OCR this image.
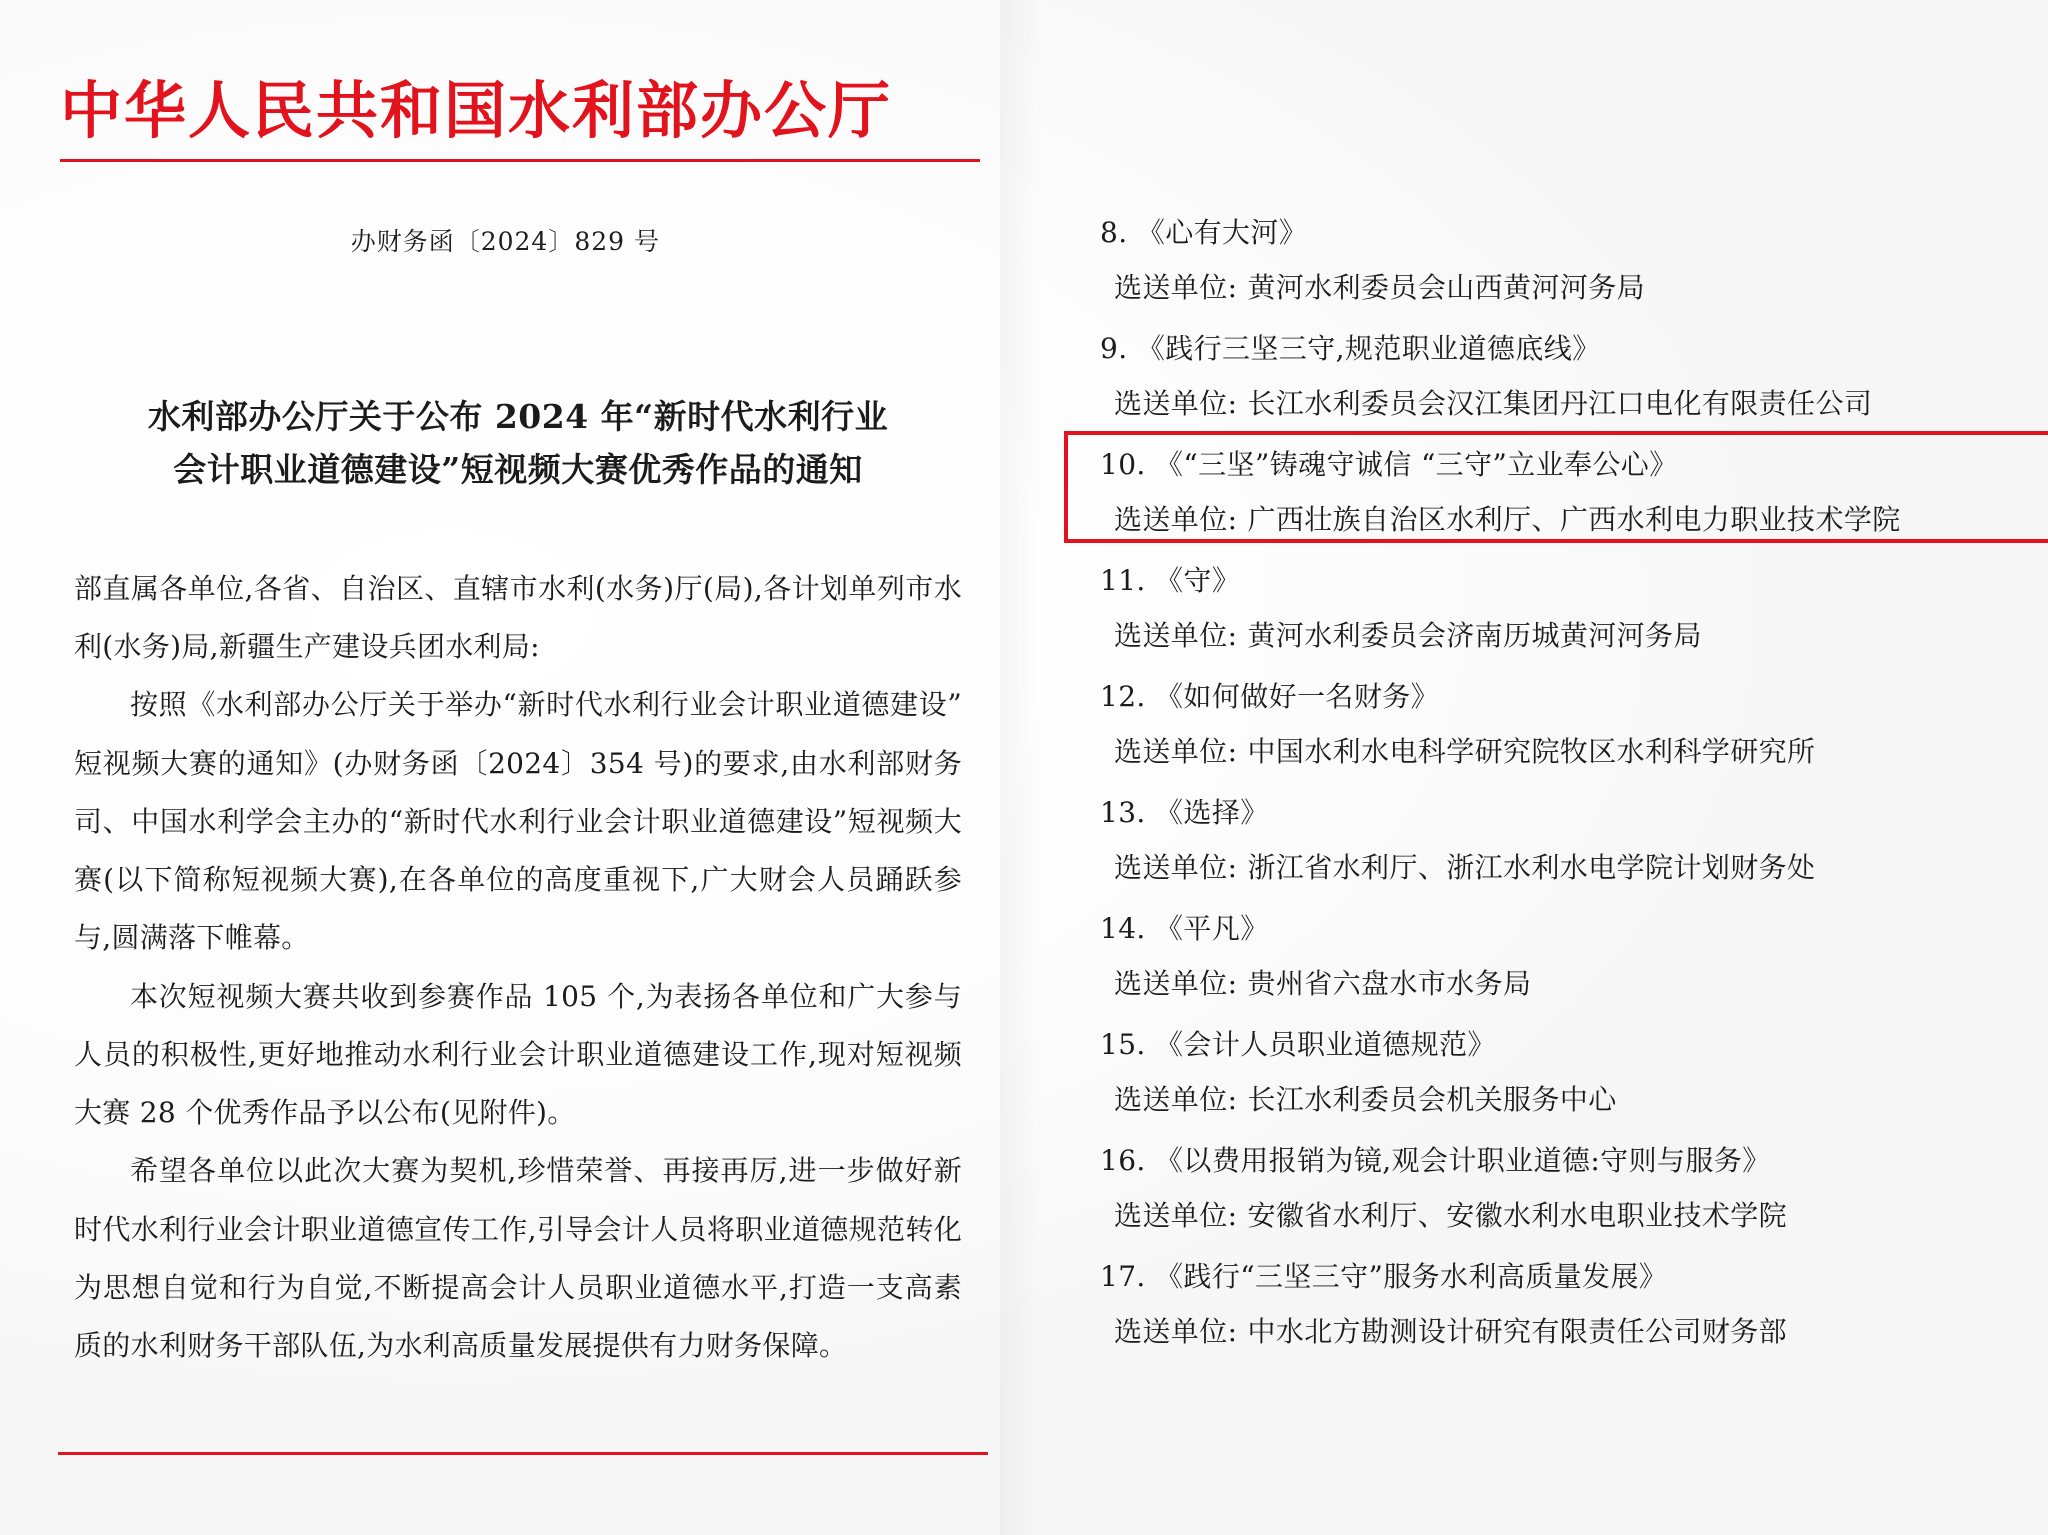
中华人民共和国水利部办公厅
办财务函〔2024〕829 号
水利部办公厅关于公布 2024 年“新时代水利行业
会计职业道德建设”短视频大赛优秀作品的通知

部直属各单位,各省、自治区、直辖市水利(水务)厅(局),各计划单列市水利(水务)局,新疆生产建设兵团水利局:

按照《水利部办公厅关于举办“新时代水利行业会计职业道德建设”短视频大赛的通知》(办财务函〔2024〕354 号)的要求,由水利部财务司、中国水利学会主办的“新时代水利行业会计职业道德建设”短视频大赛(以下简称短视频大赛),在各单位的高度重视下,广大财会人员踊跃参与,圆满落下帷幕。

本次短视频大赛共收到参赛作品 105 个,为表扬各单位和广大参与人员的积极性,更好地推动水利行业会计职业道德建设工作,现对短视频大赛 28 个优秀作品予以公布(见附件)。

希望各单位以此次大赛为契机,珍惜荣誉、再接再厉,进一步做好新时代水利行业会计职业道德宣传工作,引导会计人员将职业道德规范转化为思想自觉和行为自觉,不断提高会计人员职业道德水平,打造一支高素质的水利财务干部队伍,为水利高质量发展提供有力财务保障。

8. 《心有大河》
选送单位: 黄河水利委员会山西黄河河务局
9. 《践行三坚三守,规范职业道德底线》
选送单位: 长江水利委员会汉江集团丹江口电化有限责任公司
10. 《“三坚”铸魂守诚信 “三守”立业奉公心》
选送单位: 广西壮族自治区水利厅、广西水利电力职业技术学院
11. 《守》
选送单位: 黄河水利委员会济南历城黄河河务局
12. 《如何做好一名财务》
选送单位: 中国水利水电科学研究院牧区水利科学研究所
13. 《选择》
选送单位: 浙江省水利厅、浙江水利水电学院计划财务处
14. 《平凡》
选送单位: 贵州省六盘水市水务局
15. 《会计人员职业道德规范》
选送单位: 长江水利委员会机关服务中心
16. 《以费用报销为镜,观会计职业道德:守则与服务》
选送单位: 安徽省水利厅、安徽水利水电职业技术学院
17. 《践行“三坚三守”服务水利高质量发展》
选送单位: 中水北方勘测设计研究有限责任公司财务部
